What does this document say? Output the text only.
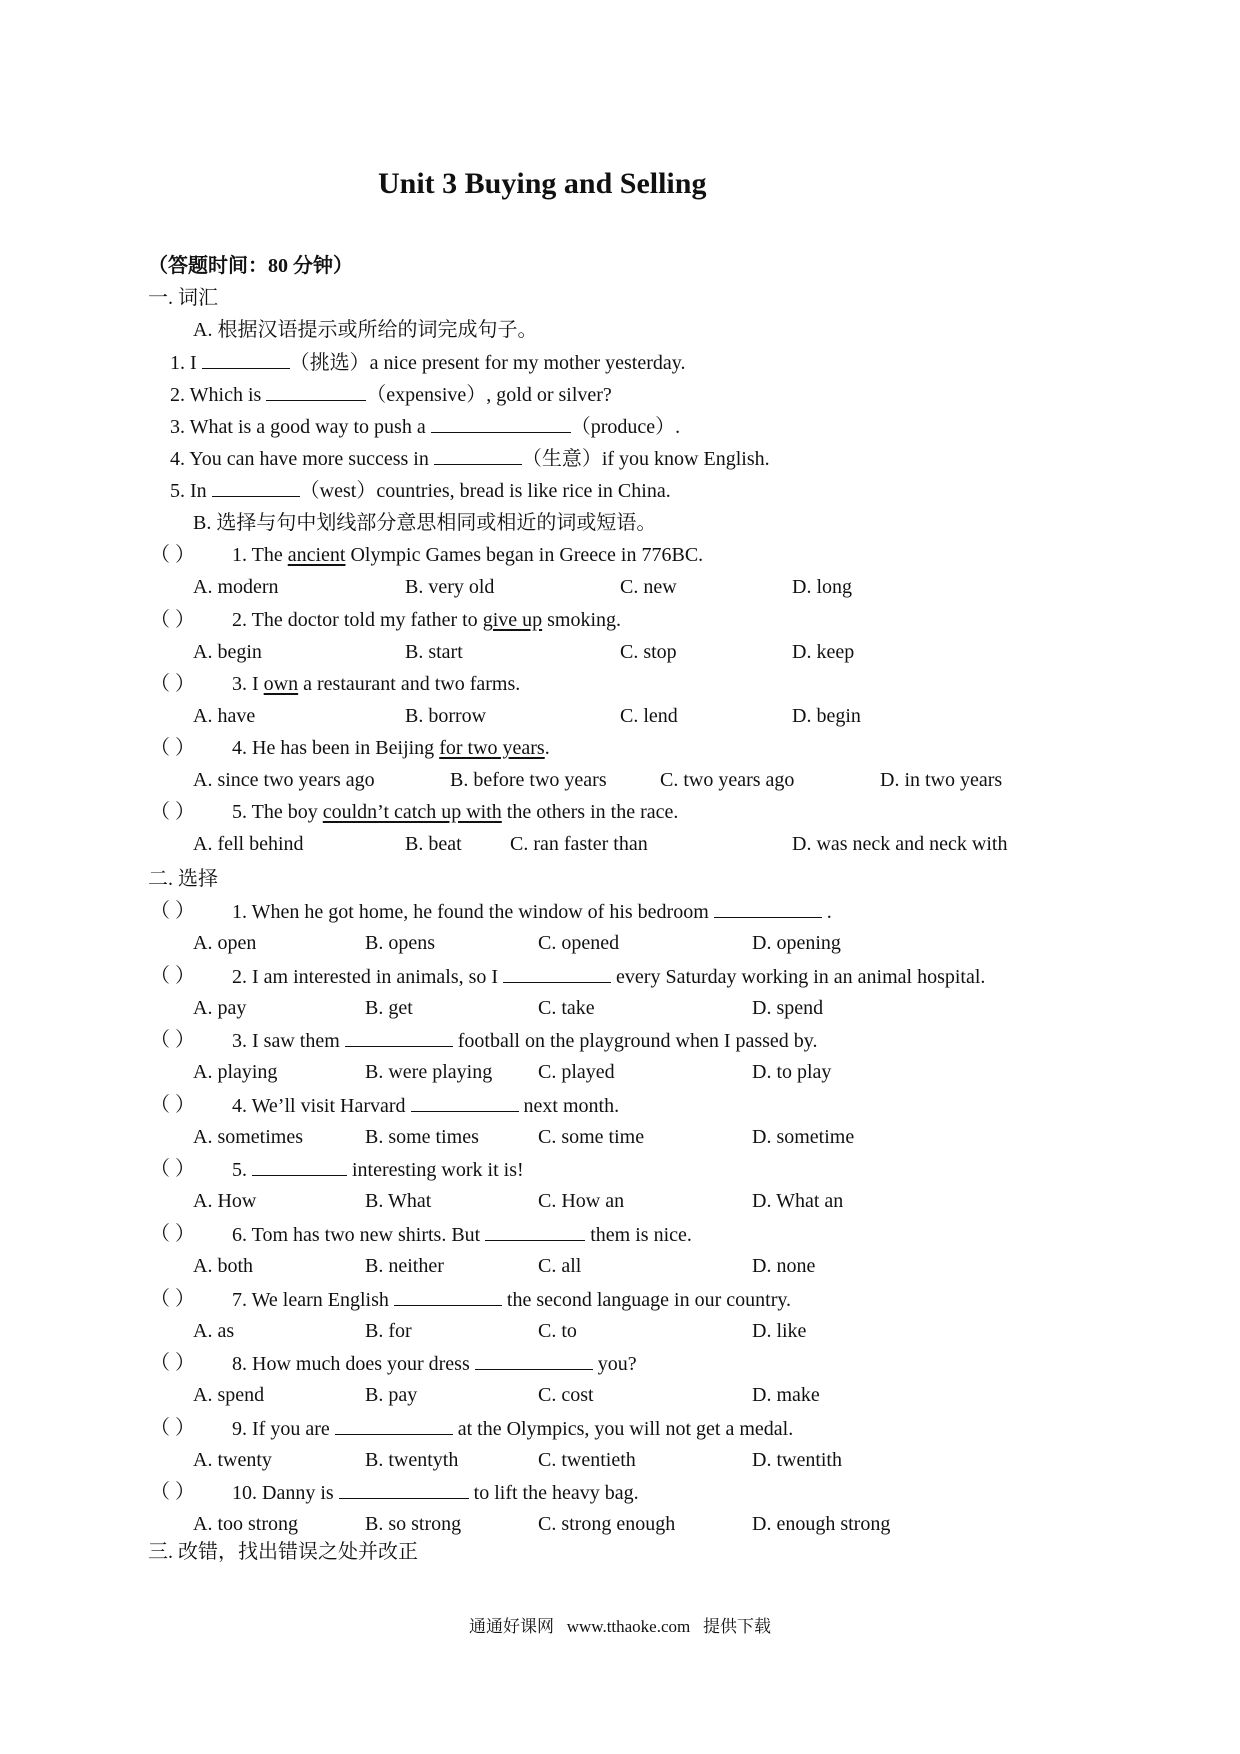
Unit 3 Buying and Selling
（答题时间：80 分钟）
一. 词汇
A. 根据汉语提示或所给的词完成句子。
1. I	（挑选）a nice present for my mother yesterday.
2. Which is	（expensive）, gold or silver?
3. What is a good way to push a	（produce）.
4. You can have more success in	（生意）if you know English.
5. In	（west）countries, bread is like rice in China.
B. 选择与句中划线部分意思相同或相近的词或短语。
（ ） 1. The ancient Olympic Games began in Greece in 776BC.
A. modern	B. very old	C. new	D. long
（ ） 2. The doctor told my father to give up smoking.
A. begin	B. start	C. stop	D. keep
（ ） 3. I own a restaurant and two farms.
A. have	B. borrow	C. lend	D. begin
（ ） 4. He has been in Beijing for two years.
A. since two years ago	B. before two years	C. two years ago	D. in two years
（ ） 5. The boy couldn’t catch up with the others in the race.
A. fell behind	B. beat C. ran faster than	D. was neck and neck with
二. 选择
（ ） 1. When he got home, he found the window of his bedroom	.
A. open	B. opens	C. opened	D. opening
（ ） 2. I am interested in animals, so I	every Saturday working in an animal hospital.
A. pay	B. get	C. take	D. spend
（ ） 3. I saw them	football on the playground when I passed by.
A. playing	B. were playing C. played	D. to play
（ ） 4. We’ll visit Harvard	next month.
A. sometimes	B. some times	C. some time	D. sometime
（ ） 5.	interesting work it is!
A. How	B. What	C. How an	D. What an
（ ） 6. Tom has two new shirts. But	them is nice.
A. both	B. neither	C. all	D. none
（ ） 7. We learn English	the second language in our country.
A. as	B. for	C. to	D. like
（ ） 8. How much does your dress	you?
A. spend	B. pay	C. cost	D. make
（ ） 9. If you are	at the Olympics, you will not get a medal.
A. twenty	B. twentyth	C. twentieth	D. twentith
（ ） 10. Danny is	to lift the heavy bag.
A. too strong	B. so strong	C. strong enough	D. enough strong
三. 改错，找出错误之处并改正
通通好课网   www.tthaoke.com   提供下载
